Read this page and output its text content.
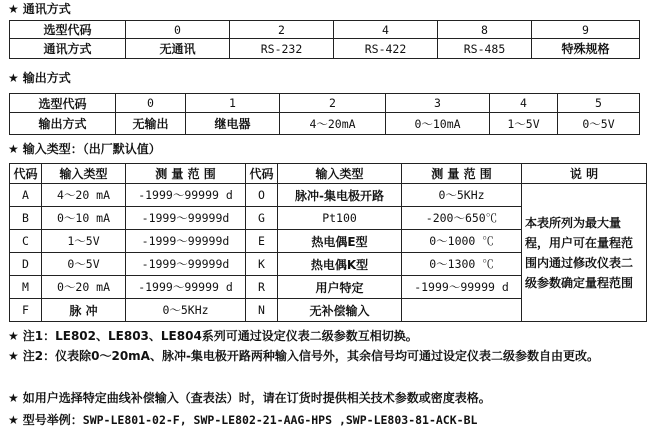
★ 通讯方式
选型代码	0	2	4	8	9
通讯方式	无通讯	RS-232	RS-422	RS-485	特殊规格
★ 输出方式
选型代码	0	1	2	3	4	5
输出方式	无输出	继电器	4～20mA	0～10mA	1～5V	0～5V
★ 输入类型：（出厂默认值）
代码	输入类型	测 量 范 围	代码	输入类型	测 量 范 围	说 明
A	4～20 mA	-1999～99999 d	O	脉冲-集电极开路	0～5KHz	本表所列为最大量程，用户可在量程范围内通过修改仪表二级参数确定量程范围
B	0～10 mA	-1999～99999d	G	Pt100	-200～650℃	
C	1～5V	-1999～99999d	E	热电偶E型	0～1000 ℃	
D	0～5V	-1999～99999d	K	热电偶K型	0～1300 ℃	
M	0～20 mA	-1999～99999 d	R	用户特定	-1999～99999 d	
F	脉 冲	0～5KHz	N	无补偿输入		
★ 注1：LE802、LE803、LE804系列可通过设定仪表二级参数互相切换。
★ 注2：仪表除0～20mA、脉冲-集电极开路两种输入信号外，其余信号均可通过设定仪表二级参数自由更改。
★ 如用户选择特定曲线补偿输入（查表法）时，请在订货时提供相关技术参数或密度表格。
★ 型号举例：SWP-LE801-02-F, SWP-LE802-21-AAG-HPS ,SWP-LE803-81-ACK-BL
